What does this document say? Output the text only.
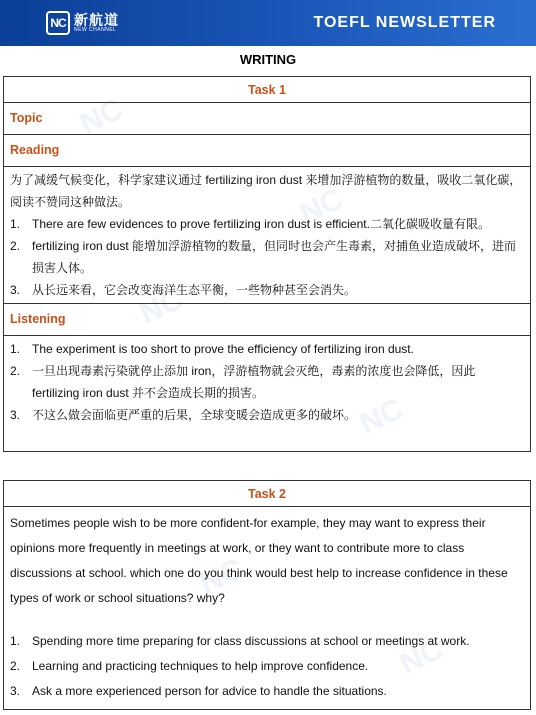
NC 新航道
NEW CHANNEL	TOEFL NEWSLETTER
WRITING
NC
NC
NC
NC
NC
NC
Task 1
Topic
Reading
为了减缓气候变化，科学家建议通过 fertilizing iron dust 来增加浮游植物的数量，吸收二氧化碳，阅读不赞同这种做法。
1. There are few evidences to prove fertilizing iron dust is efficient.二氧化碳吸收量有限。
2. fertilizing iron dust 能增加浮游植物的数量，但同时也会产生毒素，对捕鱼业造成破坏，进而损害人体。
3. 从长远来看，它会改变海洋生态平衡，一些物种甚至会消失。
Listening
1. The experiment is too short to prove the efficiency of fertilizing iron dust.
2. 一旦出现毒素污染就停止添加 iron，浮游植物就会灭绝，毒素的浓度也会降低，因此 fertilizing iron dust 并不会造成长期的损害。
3. 不这么做会面临更严重的后果，全球变暖会造成更多的破坏。
Task 2
Sometimes people wish to be more confident-for example, they may want to express their opinions more frequently in meetings at work, or they want to contribute more to class discussions at school. which one do you think would best help to increase confidence in these types of work or school situations? why?
1. Spending more time preparing for class discussions at school or meetings at work.
2. Learning and practicing techniques to help improve confidence.
3. Ask a more experienced person for advice to handle the situations.
